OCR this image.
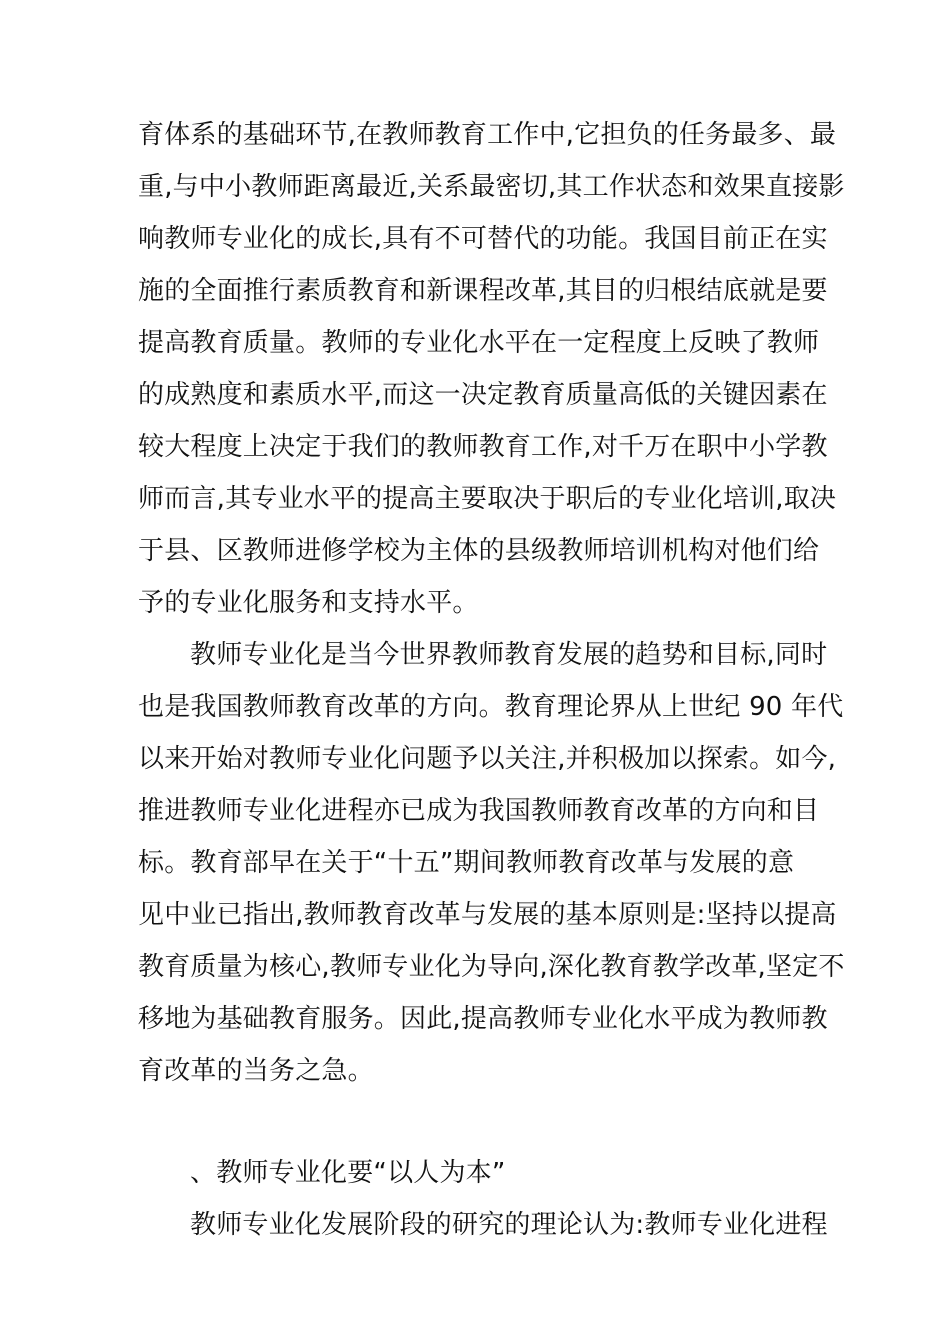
育体系的基础环节,在教师教育工作中,它担负的任务最多、最
重,与中小教师距离最近,关系最密切,其工作状态和效果直接影
响教师专业化的成长,具有不可替代的功能。我国目前正在实
施的全面推行素质教育和新课程改革,其目的归根结底就是要
提高教育质量。教师的专业化水平在一定程度上反映了教师
的成熟度和素质水平,而这一决定教育质量高低的关键因素在
较大程度上决定于我们的教师教育工作,对千万在职中小学教
师而言,其专业水平的提高主要取决于职后的专业化培训,取决
于县、区教师进修学校为主体的县级教师培训机构对他们给
予的专业化服务和支持水平。
教师专业化是当今世界教师教育发展的趋势和目标,同时
也是我国教师教育改革的方向。教育理论界从上世纪 90 年代
以来开始对教师专业化问题予以关注,并积极加以探索。如今,
推进教师专业化进程亦已成为我国教师教育改革的方向和目
标。教育部早在关于“十五”期间教师教育改革与发展的意
见中业已指出,教师教育改革与发展的基本原则是:坚持以提高
教育质量为核心,教师专业化为导向,深化教育教学改革,坚定不
移地为基础教育服务。因此,提高教师专业化水平成为教师教
育改革的当务之急。
、教师专业化要“以人为本”
教师专业化发展阶段的研究的理论认为:教师专业化进程
